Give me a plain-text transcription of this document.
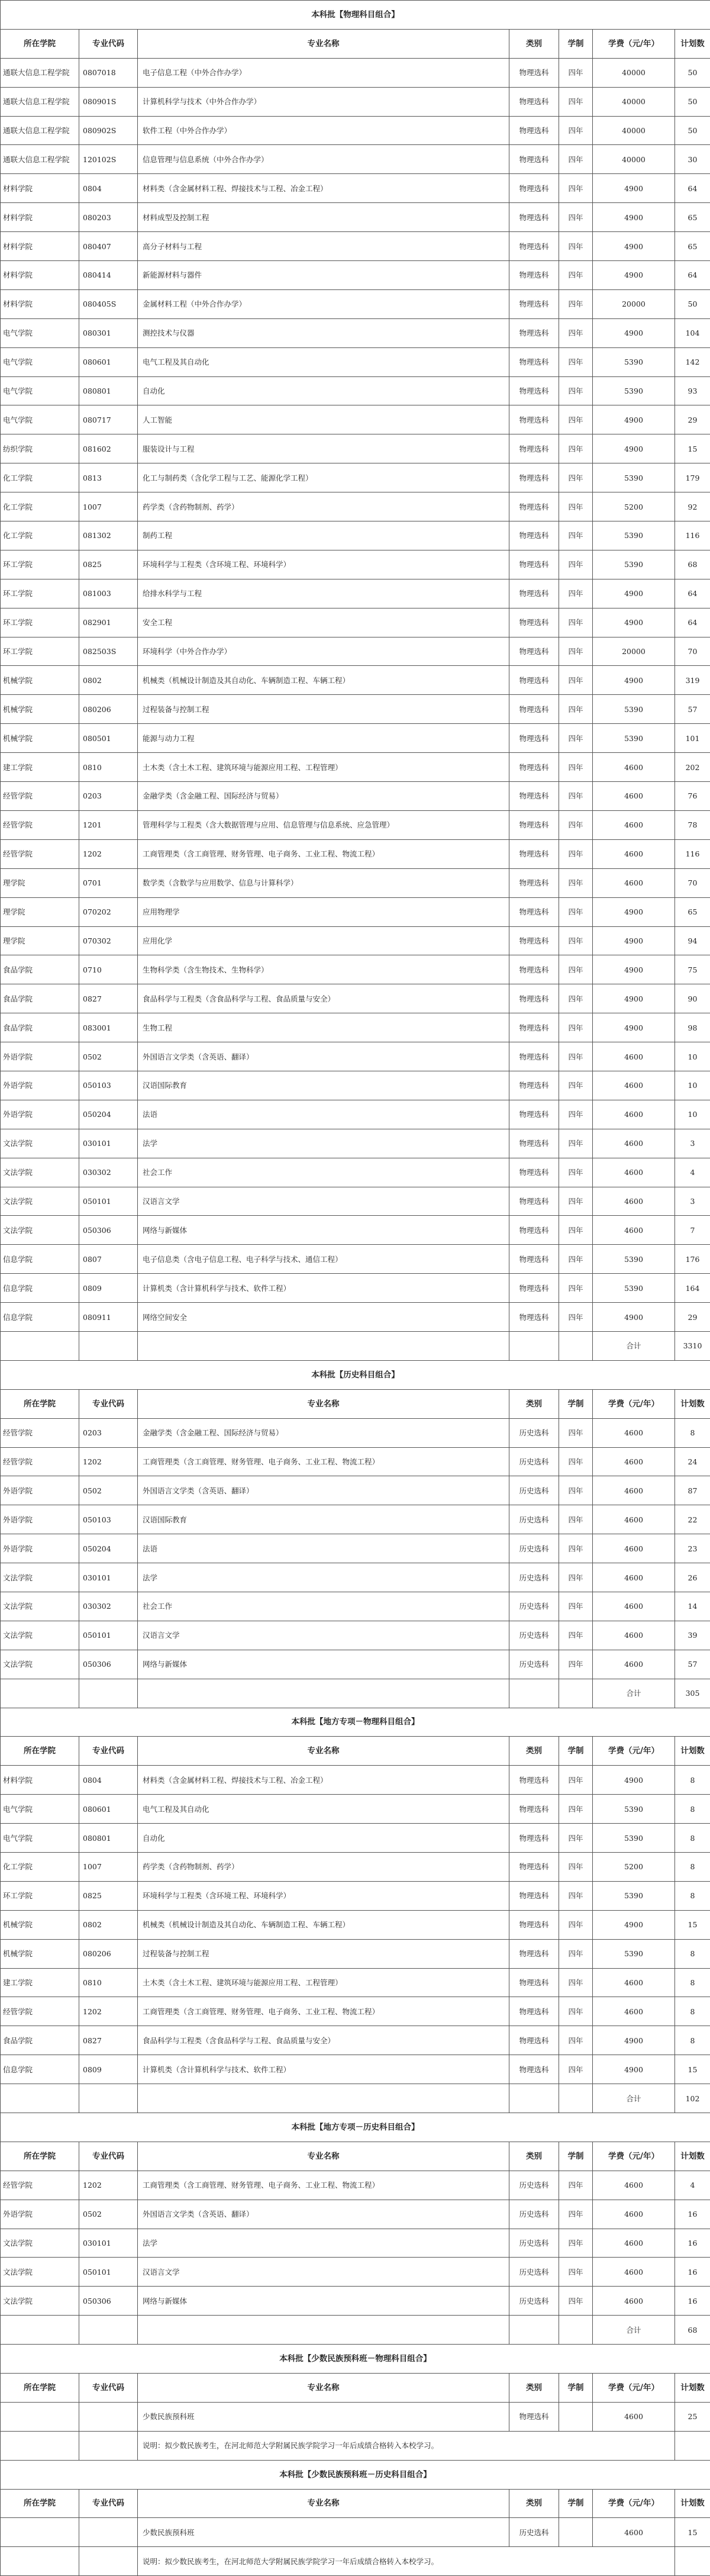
本科批【物理科目组合】							
所在学院	专业代码	专业名称	类别	学制	学费（元/年）	计划数	
通联大信息工程学院	0807018	电子信息工程（中外合作办学）	物理选科	四年	40000	50	
通联大信息工程学院	080901S	计算机科学与技术（中外合作办学）	物理选科	四年	40000	50	
通联大信息工程学院	080902S	软件工程（中外合作办学）	物理选科	四年	40000	50	
通联大信息工程学院	120102S	信息管理与信息系统（中外合作办学）	物理选科	四年	40000	30	
材料学院	0804	材料类（含金属材料工程、焊接技术与工程、冶金工程）	物理选科	四年	4900	64	
材料学院	080203	材料成型及控制工程	物理选科	四年	4900	65	
材料学院	080407	高分子材料与工程	物理选科	四年	4900	65	
材料学院	080414	新能源材料与器件	物理选科	四年	4900	64	
材料学院	080405S	金属材料工程（中外合作办学）	物理选科	四年	20000	50	
电气学院	080301	测控技术与仪器	物理选科	四年	4900	104	
电气学院	080601	电气工程及其自动化	物理选科	四年	5390	142	
电气学院	080801	自动化	物理选科	四年	5390	93	
电气学院	080717	人工智能	物理选科	四年	4900	29	
纺织学院	081602	服装设计与工程	物理选科	四年	4900	15	
化工学院	0813	化工与制药类（含化学工程与工艺、能源化学工程）	物理选科	四年	5390	179	
化工学院	1007	药学类（含药物制剂、药学）	物理选科	四年	5200	92	
化工学院	081302	制药工程	物理选科	四年	5390	116	
环工学院	0825	环境科学与工程类（含环境工程、环境科学）	物理选科	四年	5390	68	
环工学院	081003	给排水科学与工程	物理选科	四年	4900	64	
环工学院	082901	安全工程	物理选科	四年	4900	64	
环工学院	082503S	环境科学（中外合作办学）	物理选科	四年	20000	70	
机械学院	0802	机械类（机械设计制造及其自动化、车辆制造工程、车辆工程）	物理选科	四年	4900	319	
机械学院	080206	过程装备与控制工程	物理选科	四年	5390	57	
机械学院	080501	能源与动力工程	物理选科	四年	5390	101	
建工学院	0810	土木类（含土木工程、建筑环境与能源应用工程、工程管理）	物理选科	四年	4600	202	
经管学院	0203	金融学类（含金融工程、国际经济与贸易）	物理选科	四年	4600	76	
经管学院	1201	管理科学与工程类（含大数据管理与应用、信息管理与信息系统、应急管理）	物理选科	四年	4600	78	
经管学院	1202	工商管理类（含工商管理、财务管理、电子商务、工业工程、物流工程）	物理选科	四年	4600	116	
理学院	0701	数学类（含数学与应用数学、信息与计算科学）	物理选科	四年	4600	70	
理学院	070202	应用物理学	物理选科	四年	4900	65	
理学院	070302	应用化学	物理选科	四年	4900	94	
食品学院	0710	生物科学类（含生物技术、生物科学）	物理选科	四年	4900	75	
食品学院	0827	食品科学与工程类（含食品科学与工程、食品质量与安全）	物理选科	四年	4900	90	
食品学院	083001	生物工程	物理选科	四年	4900	98	
外语学院	0502	外国语言文学类（含英语、翻译）	物理选科	四年	4600	10	
外语学院	050103	汉语国际教育	物理选科	四年	4600	10	
外语学院	050204	法语	物理选科	四年	4600	10	
文法学院	030101	法学	物理选科	四年	4600	3	
文法学院	030302	社会工作	物理选科	四年	4600	4	
文法学院	050101	汉语言文学	物理选科	四年	4600	3	
文法学院	050306	网络与新媒体	物理选科	四年	4600	7	
信息学院	0807	电子信息类（含电子信息工程、电子科学与技术、通信工程）	物理选科	四年	5390	176	
信息学院	0809	计算机类（含计算机科学与技术、软件工程）	物理选科	四年	5390	164	
信息学院	080911	网络空间安全	物理选科	四年	4900	29	
					合计	3310	
本科批【历史科目组合】							
所在学院	专业代码	专业名称	类别	学制	学费（元/年）	计划数	
经管学院	0203	金融学类（含金融工程、国际经济与贸易）	历史选科	四年	4600	8	
经管学院	1202	工商管理类（含工商管理、财务管理、电子商务、工业工程、物流工程）	历史选科	四年	4600	24	
外语学院	0502	外国语言文学类（含英语、翻译）	历史选科	四年	4600	87	
外语学院	050103	汉语国际教育	历史选科	四年	4600	22	
外语学院	050204	法语	历史选科	四年	4600	23	
文法学院	030101	法学	历史选科	四年	4600	26	
文法学院	030302	社会工作	历史选科	四年	4600	14	
文法学院	050101	汉语言文学	历史选科	四年	4600	39	
文法学院	050306	网络与新媒体	历史选科	四年	4600	57	
					合计	305	
本科批【地方专项－物理科目组合】							
所在学院	专业代码	专业名称	类别	学制	学费（元/年）	计划数	
材料学院	0804	材料类（含金属材料工程、焊接技术与工程、冶金工程）	物理选科	四年	4900	8	
电气学院	080601	电气工程及其自动化	物理选科	四年	5390	8	
电气学院	080801	自动化	物理选科	四年	5390	8	
化工学院	1007	药学类（含药物制剂、药学）	物理选科	四年	5200	8	
环工学院	0825	环境科学与工程类（含环境工程、环境科学）	物理选科	四年	5390	8	
机械学院	0802	机械类（机械设计制造及其自动化、车辆制造工程、车辆工程）	物理选科	四年	4900	15	
机械学院	080206	过程装备与控制工程	物理选科	四年	5390	8	
建工学院	0810	土木类（含土木工程、建筑环境与能源应用工程、工程管理）	物理选科	四年	4600	8	
经管学院	1202	工商管理类（含工商管理、财务管理、电子商务、工业工程、物流工程）	物理选科	四年	4600	8	
食品学院	0827	食品科学与工程类（含食品科学与工程、食品质量与安全）	物理选科	四年	4900	8	
信息学院	0809	计算机类（含计算机科学与技术、软件工程）	物理选科	四年	4900	15	
					合计	102	
本科批【地方专项－历史科目组合】							
所在学院	专业代码	专业名称	类别	学制	学费（元/年）	计划数	
经管学院	1202	工商管理类（含工商管理、财务管理、电子商务、工业工程、物流工程）	历史选科	四年	4600	4	
外语学院	0502	外国语言文学类（含英语、翻译）	历史选科	四年	4600	16	
文法学院	030101	法学	历史选科	四年	4600	16	
文法学院	050101	汉语言文学	历史选科	四年	4600	16	
文法学院	050306	网络与新媒体	历史选科	四年	4600	16	
					合计	68	
本科批【少数民族预科班－物理科目组合】							
所在学院	专业代码	专业名称	类别	学制	学费（元/年）	计划数	
		少数民族预科班	物理选科		4600	25	
		说明：拟少数民族考生，在河北师范大学附属民族学院学习一年后成绩合格转入本校学习。		
本科批【少数民族预科班－历史科目组合】							
所在学院	专业代码	专业名称	类别	学制	学费（元/年）	计划数	
		少数民族预科班	历史选科		4600	15	
		说明：拟少数民族考生，在河北师范大学附属民族学院学习一年后成绩合格转入本校学习。		
